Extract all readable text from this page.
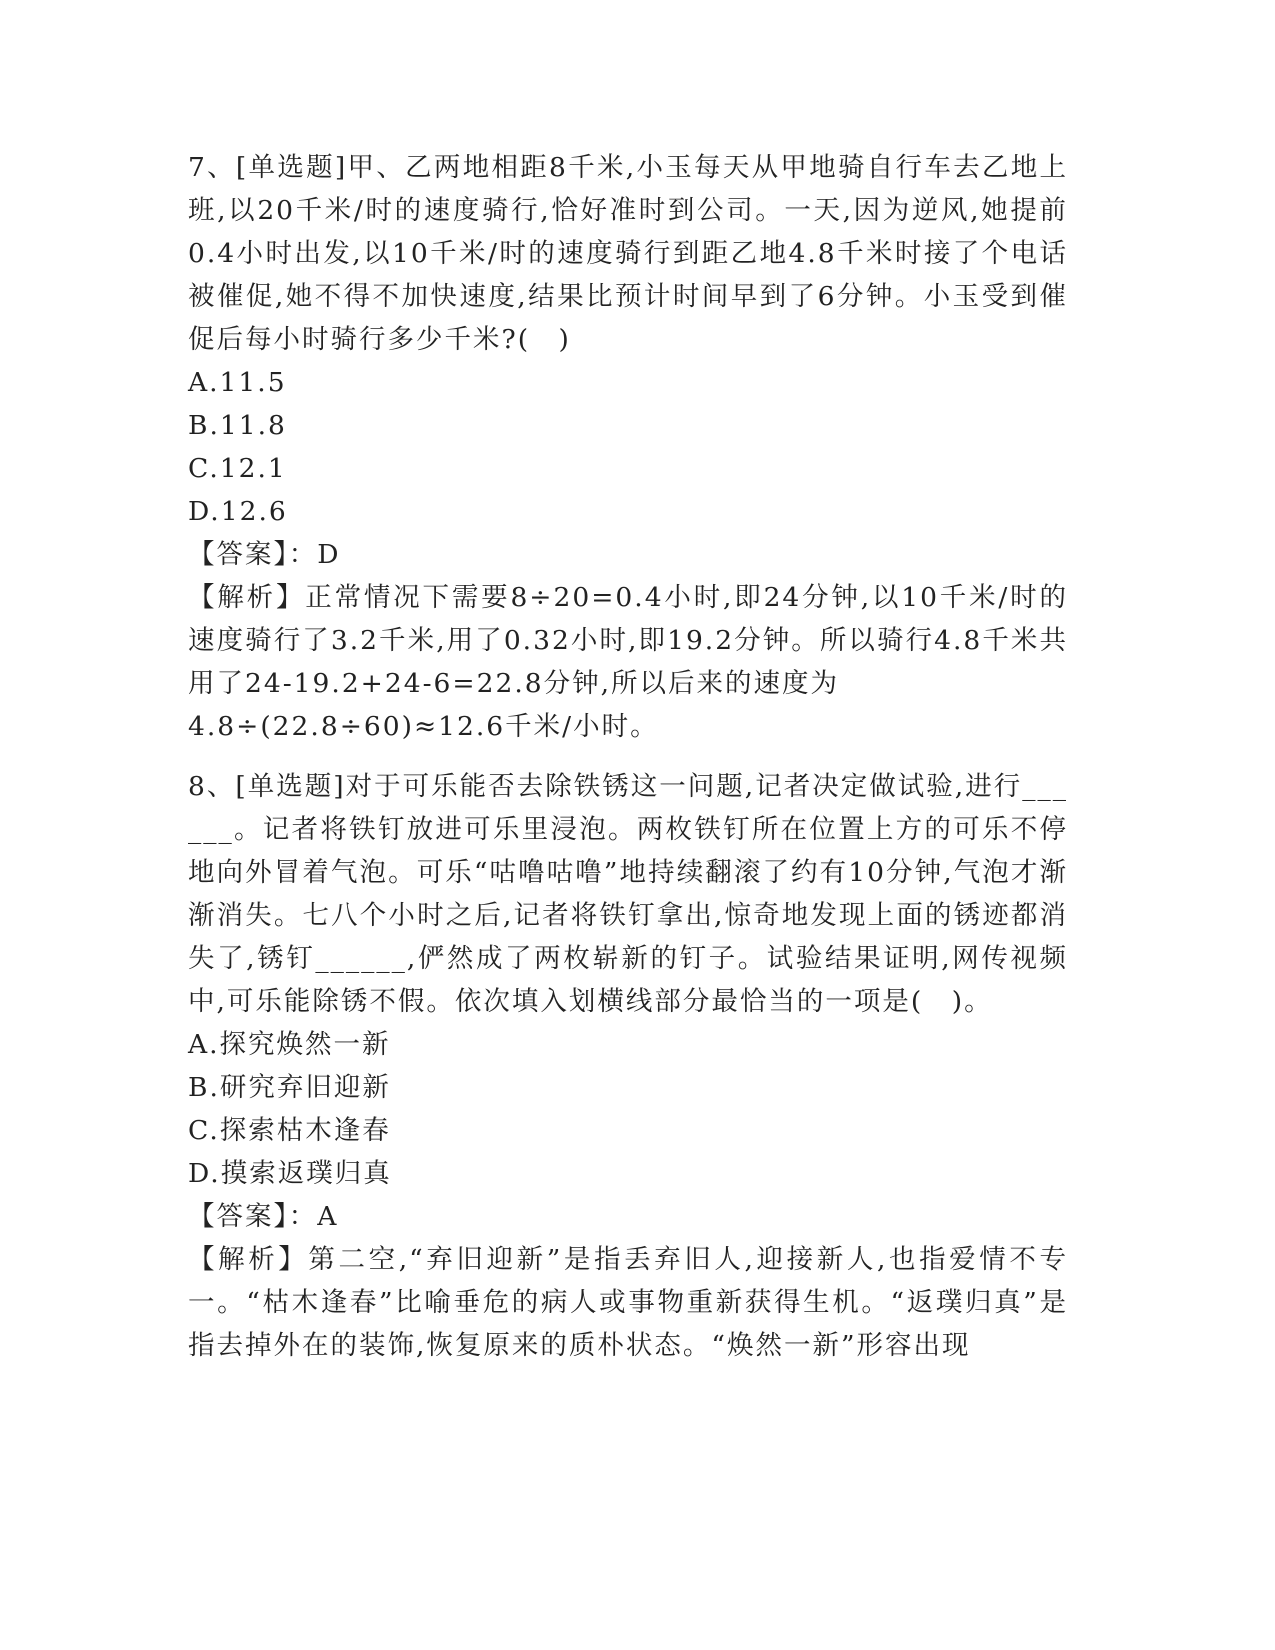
7、[单选题]甲、乙两地相距8千米,小玉每天从甲地骑自行车去乙地上班,以20千米/时的速度骑行,恰好准时到公司。一天,因为逆风,她提前0.4小时出发,以10千米/时的速度骑行到距乙地4.8千米时接了个电话被催促,她不得不加快速度,结果比预计时间早到了6分钟。小玉受到催促后每小时骑行多少千米?(　)

A.11.5

B.11.8

C.12.1

D.12.6

【答案】：D

【解析】正常情况下需要8÷20=0.4小时,即24分钟,以10千米/时的速度骑行了3.2千米,用了0.32小时,即19.2分钟。所以骑行4.8千米共用了24-19.2+24-6=22.8分钟,所以后来的速度为

4.8÷(22.8÷60)≈12.6千米/小时。

8、[单选题]对于可乐能否去除铁锈这一问题,记者决定做试验,进行______。记者将铁钉放进可乐里浸泡。两枚铁钉所在位置上方的可乐不停地向外冒着气泡。可乐“咕噜咕噜”地持续翻滚了约有10分钟,气泡才渐渐消失。七八个小时之后,记者将铁钉拿出,惊奇地发现上面的锈迹都消失了,锈钉______,俨然成了两枚崭新的钉子。试验结果证明,网传视频中,可乐能除锈不假。依次填入划横线部分最恰当的一项是(　)。

A.探究焕然一新

B.研究弃旧迎新

C.探索枯木逢春

D.摸索返璞归真

【答案】：A

【解析】第二空,“弃旧迎新”是指丢弃旧人,迎接新人,也指爱情不专一。“枯木逢春”比喻垂危的病人或事物重新获得生机。“返璞归真”是指去掉外在的装饰,恢复原来的质朴状态。“焕然一新”形容出现
